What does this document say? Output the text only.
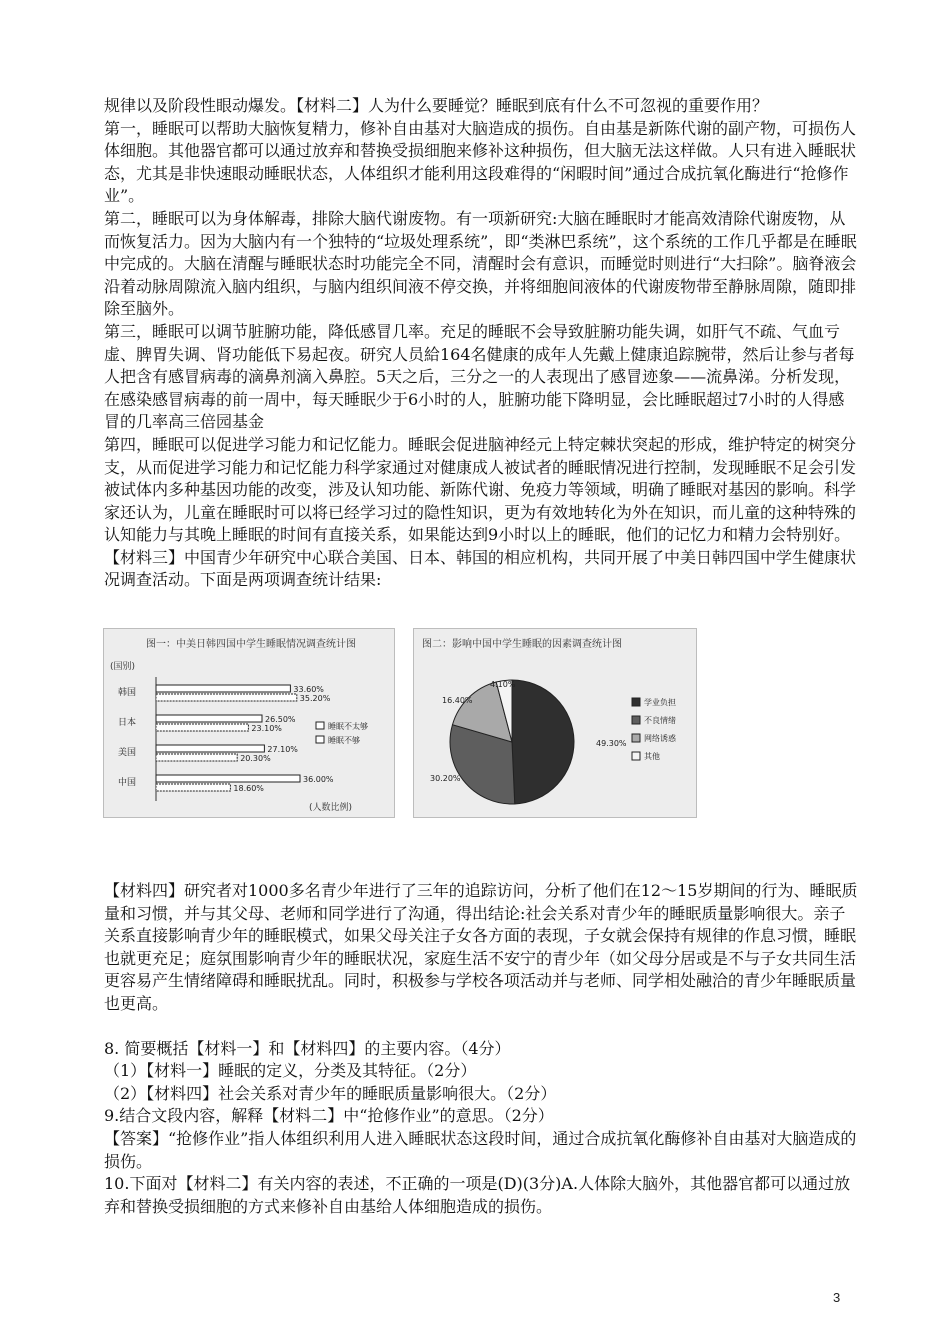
规律以及阶段性眼动爆发。【材料二】人为什么要睡觉？睡眠到底有什么不可忽视的重要作用？

第一，睡眠可以帮助大脑恢复精力，修补自由基对大脑造成的损伤。自由基是新陈代谢的副产物，可损伤人体细胞。其他器官都可以通过放弃和替换受损细胞来修补这种损伤，但大脑无法这样做。人只有进入睡眠状态，尤其是非快速眼动睡眠状态，人体组织才能利用这段难得的“闲暇时间”通过合成抗氧化酶进行“抢修作业”。

第二，睡眠可以为身体解毒，排除大脑代谢废物。有一项新研究:大脑在睡眠时才能高效清除代谢废物，从而恢复活力。因为大脑内有一个独特的“垃圾处理系统”，即“类淋巴系统”，这个系统的工作几乎都是在睡眠中完成的。大脑在清醒与睡眠状态时功能完全不同，清醒时会有意识，而睡觉时则进行“大扫除”。脑脊液会沿着动脉周隙流入脑内组织，与脑内组织间液不停交换，并将细胞间液体的代谢废物带至静脉周隙，随即排除至脑外。

第三，睡眠可以调节脏腑功能，降低感冒几率。充足的睡眠不会导致脏腑功能失调，如肝气不疏、气血亏虚、脾胃失调、肾功能低下易起夜。研究人员給164名健康的成年人先戴上健康追踪腕带，然后让参与者每人把含有感冒病毒的滴鼻剂滴入鼻腔。5天之后，三分之一的人表现出了感冒迹象——流鼻涕。分析发现，在感染感冒病毒的前一周中，每天睡眠少于6小时的人，脏腑功能下降明显，会比睡眠超过7小时的人得感冒的几率高三倍园基金

第四，睡眠可以促进学习能力和记忆能力。睡眠会促进脑神经元上特定棘状突起的形成，维护特定的树突分支，从而促进学习能力和记忆能力科学家通过对健康成人被试者的睡眠情况进行控制，发现睡眠不足会引发被试体内多种基因功能的改变，涉及认知功能、新陈代谢、免疫力等领域，明确了睡眠对基因的影响。科学家还认为，儿童在睡眠时可以将已经学习过的隐性知识，更为有效地转化为外在知识，而儿童的这种特殊的认知能力与其晚上睡眠的时间有直接关系，如果能达到9小时以上的睡眠，他们的记忆力和精力会特别好。

【材料三】中国青少年研究中心联合美国、日本、韩国的相应机构，共同开展了中美日韩四国中学生健康状况调查活动。下面是两项调查统计结果:

图一：中美日韩四国中学生睡眠情况调查统计图
(国别)
(人数比例)
韩国	33.60%
35.20%
日本	26.50%
23.10%
美国	27.10%
20.30%
中国	36.00%
18.60%
睡眠不太够
睡眠不够
图二：影响中国中学生睡眠的因素调查统计图
49.30%
30.20%
16.40%
4.10%
学业负担
不良情绪
网络诱惑
其他

【材料四】研究者对1000多名青少年进行了三年的追踪访问，分析了他们在12～15岁期间的行为、睡眠质量和习惯，并与其父母、老师和同学进行了沟通，得出结论:社会关系对青少年的睡眠质量影响很大。亲子关系直接影响青少年的睡眠模式，如果父母关注子女各方面的表现，子女就会保持有规律的作息习惯，睡眠也就更充足；庭氛围影响青少年的睡眠状况，家庭生活不安宁的青少年（如父母分居或是不与子女共同生活更容易产生情绪障碍和睡眠扰乱。同时，积极参与学校各项活动并与老师、同学相处融洽的青少年睡眠质量也更高。

8. 简要概括【材料一】和【材料四】的主要内容。（4分）

（1）【材料一】睡眠的定义，分类及其特征。（2分）

（2）【材料四】社会关系对青少年的睡眠质量影响很大。（2分）

9.结合文段内容，解释【材料二】中“抢修作业”的意思。（2分）

【答案】“抢修作业”指人体组织利用人进入睡眠状态这段时间，通过合成抗氧化酶修补自由基对大脑造成的损伤。

10.下面对【材料二】有关内容的表述，不正确的一项是(D)(3分)A.人体除大脑外，其他器官都可以通过放弃和替换受损细胞的方式来修补自由基给人体细胞造成的损伤。

3
